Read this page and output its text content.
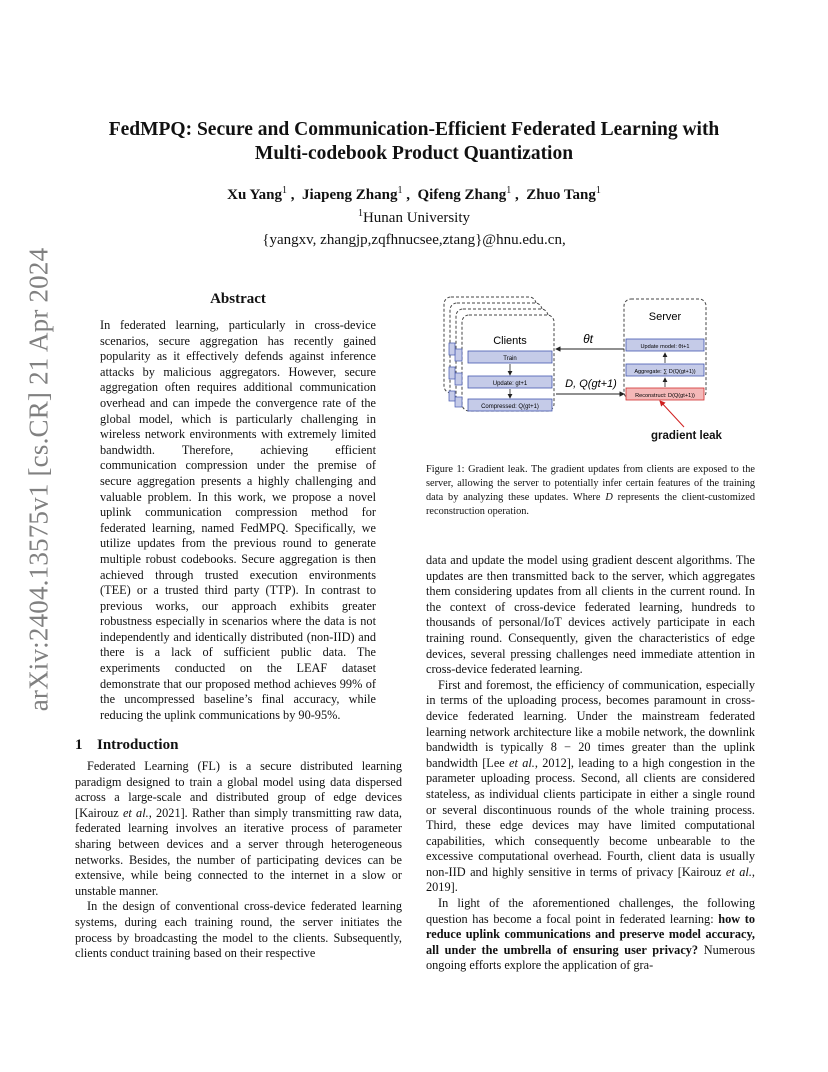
arXiv:2404.13575v1 [cs.CR] 21 Apr 2024
FedMPQ: Secure and Communication-Efficient Federated Learning with
Multi-codebook Product Quantization
Xu Yang$^1$ ,  Jiapeng Zhang$^1$ ,  Qifeng Zhang$^1$ ,  Zhuo Tang$^1$
$^1$Hunan University
{yangxv, zhangjp,zqfhnucsee,ztang}@hnu.edu.cn,
Abstract
In federated learning, particularly in cross-device scenarios, secure aggregation has recently gained popularity as it effectively defends against inference attacks by malicious aggregators. However, secure aggregation often requires additional communication overhead and can impede the convergence rate of the global model, which is particularly challenging in wireless network environments with extremely limited bandwidth. Therefore, achieving efficient communication compression under the premise of secure aggregation presents a highly challenging and valuable problem. In this work, we propose a novel uplink communication compression method for federated learning, named FedMPQ. Specifically, we utilize updates from the previous round to generate multiple robust codebooks. Secure aggregation is then achieved through trusted execution environments (TEE) or a trusted third party (TTP). In contrast to previous works, our approach exhibits greater robustness especially in scenarios where the data is not independently and identically distributed (non-IID) and there is a lack of sufficient public data. The experiments conducted on the LEAF dataset demonstrate that our proposed method achieves 99% of the uncompressed baseline’s final accuracy, while reducing the uplink communications by 90-95%.
1 Introduction

Federated Learning (FL) is a secure distributed learning paradigm designed to train a global model using data dispersed across a large-scale and distributed group of edge devices [Kairouz et al., 2021]. Rather than simply transmitting raw data, federated learning involves an iterative process of parameter sharing between devices and a server through heterogeneous networks. Besides, the number of participating devices can be extensive, while being connected to the internet in a slow or unstable manner.

In the design of conventional cross-device federated learning systems, during each training round, the server initiates the process by broadcasting the model to the clients. Subsequently, clients conduct training based on their respective

Clients
Train
Update: gt+1
Compressed: Q(gt+1)
Server
Update model: θt+1
Aggregate: ∑ D(Q(gt+1))
Reconstruct: D(Q(gt+1))
θt
D, Q(gt+1)
gradient leak
Figure 1: Gradient leak. The gradient updates from clients are exposed to the server, allowing the server to potentially infer certain features of the training data by analyzing these updates. Where D represents the client-customized reconstruction operation.

data and update the model using gradient descent algorithms. The updates are then transmitted back to the server, which aggregates them considering updates from all clients in the current round. In the context of cross-device federated learning, hundreds to thousands of personal/IoT devices actively participate in each training round. Consequently, given the characteristics of edge devices, several pressing challenges need immediate attention in cross-device federated learning.

First and foremost, the efficiency of communication, especially in terms of the uploading process, becomes paramount in cross-device federated learning. Under the mainstream federated learning network architecture like a mobile network, the downlink bandwidth is typically 8 − 20 times greater than the uplink bandwidth [Lee et al., 2012], leading to a high congestion in the parameter uploading process. Second, all clients are considered stateless, as individual clients participate in either a single round or several discontinuous rounds of the whole training process. Third, these edge devices may have limited computational capabilities, which consequently become unbearable to the excessive computational overhead. Fourth, client data is usually non-IID and highly sensitive in terms of privacy [Kairouz et al., 2019].

In light of the aforementioned challenges, the following question has become a focal point in federated learning: how to reduce uplink communications and preserve model accuracy, all under the umbrella of ensuring user privacy? Numerous ongoing efforts explore the application of gra-
